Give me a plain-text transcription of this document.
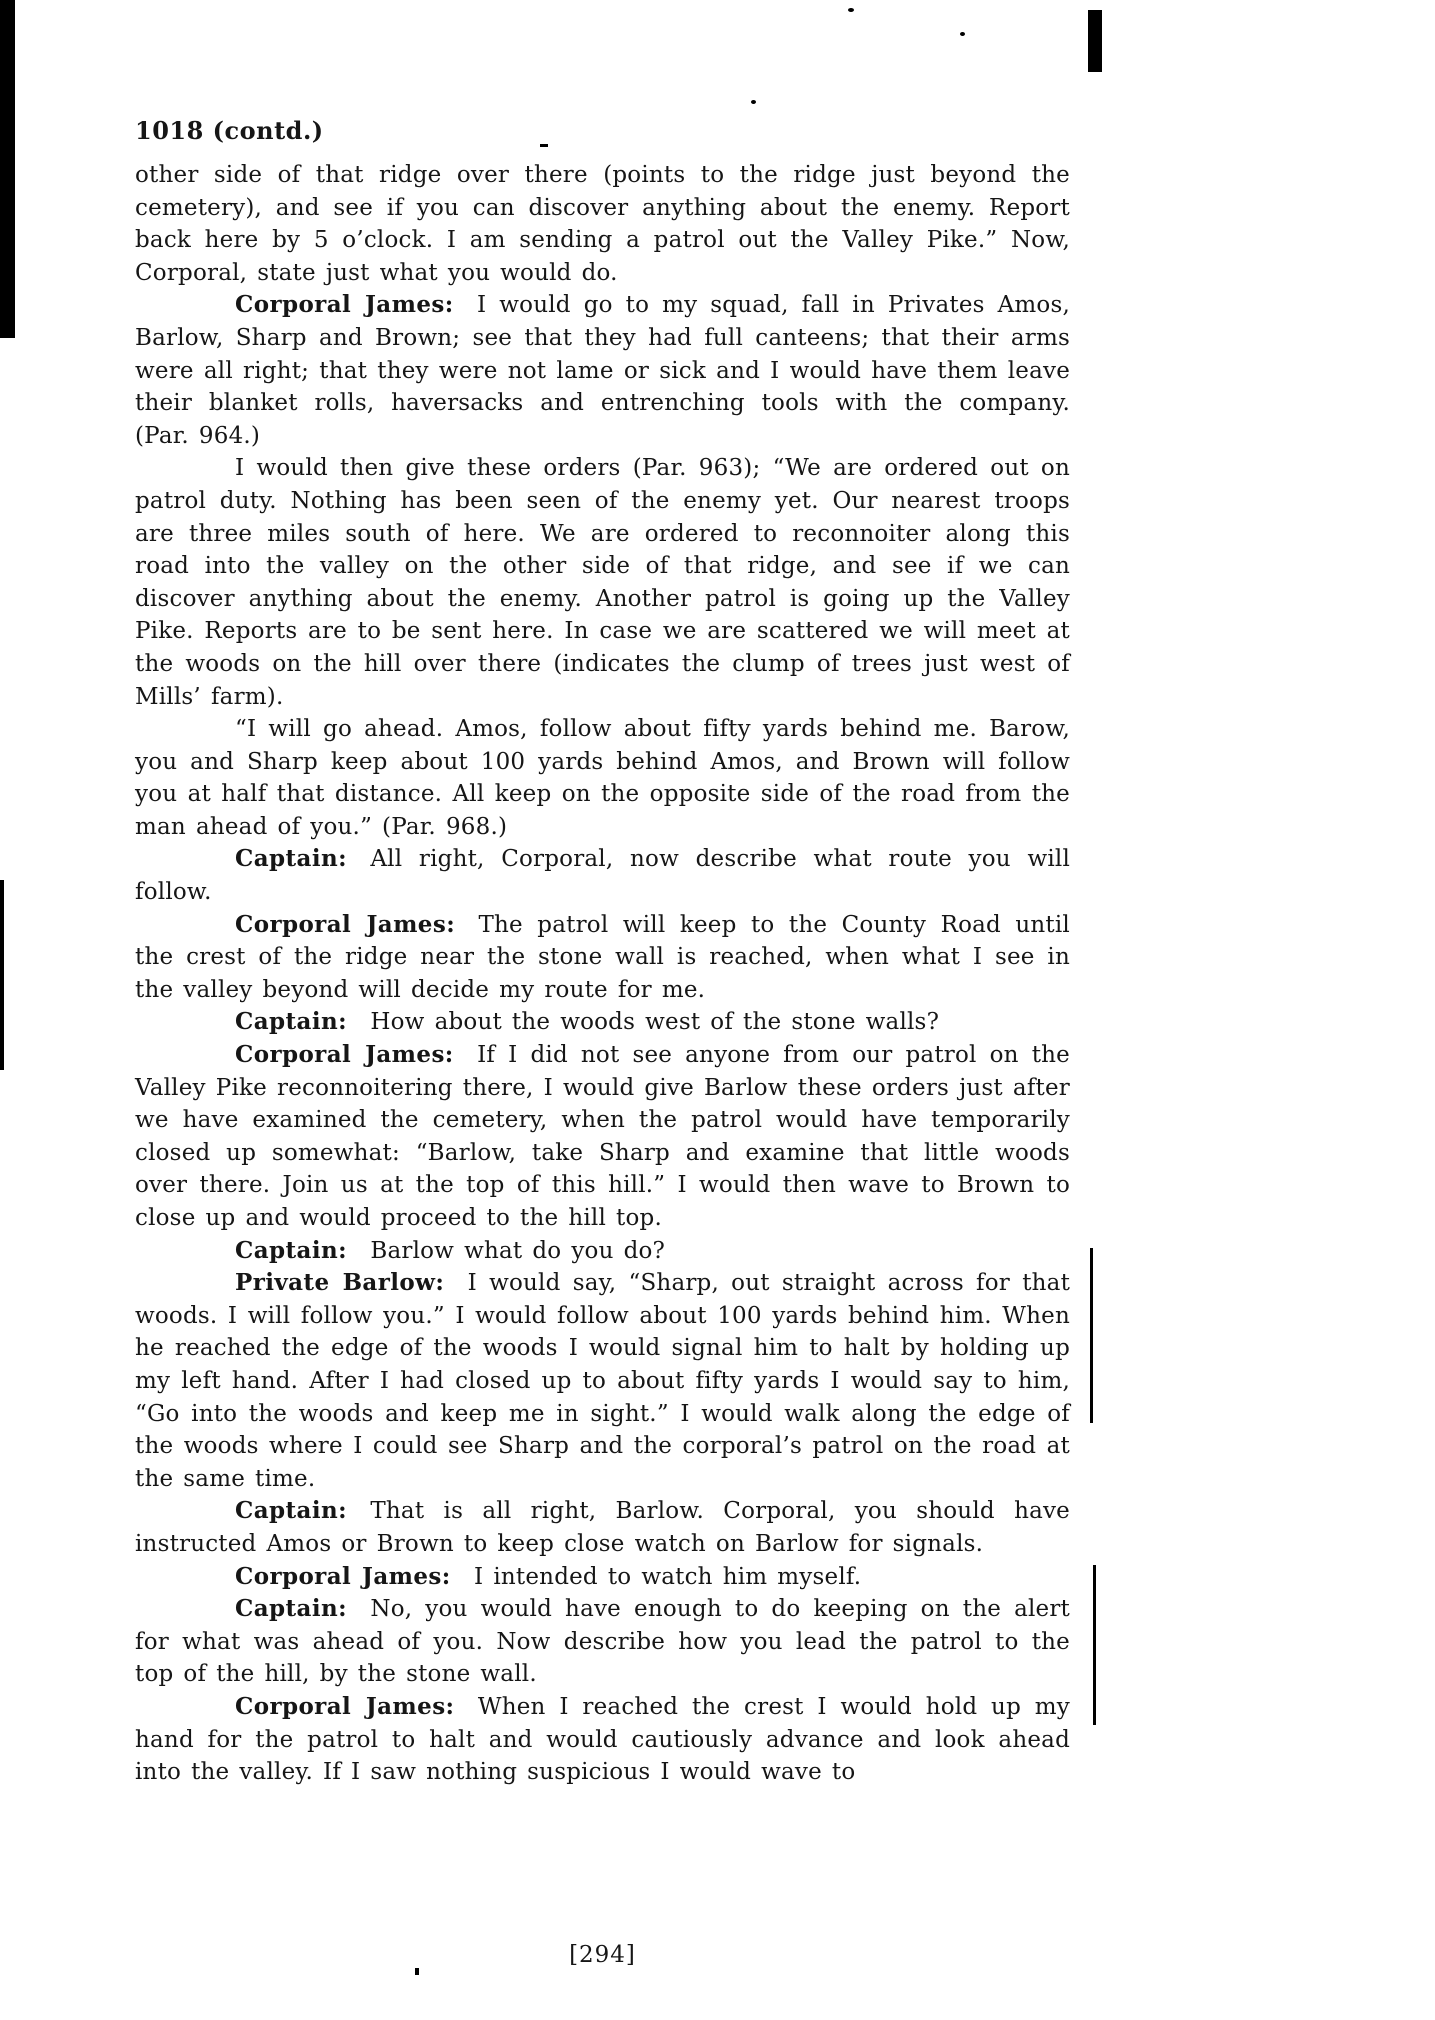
1018 (contd.)

other side of that ridge over there (points to the ridge just beyond the cemetery), and see if you can discover anything about the enemy. Report back here by 5 o’clock. I am sending a patrol out the Valley Pike.” Now, Corporal, state just what you would do.

Corporal James:  I would go to my squad, fall in Privates Amos, Barlow, Sharp and Brown; see that they had full canteens; that their arms were all right; that they were not lame or sick and I would have them leave their blanket rolls, haversacks and entrenching tools with the company. (Par. 964.)

I would then give these orders (Par. 963); “We are ordered out on patrol duty. Nothing has been seen of the enemy yet. Our nearest troops are three miles south of here. We are ordered to reconnoiter along this road into the valley on the other side of that ridge, and see if we can discover anything about the enemy. Another patrol is going up the Valley Pike. Reports are to be sent here. In case we are scattered we will meet at the woods on the hill over there (indicates the clump of trees just west of Mills’ farm).

“I will go ahead. Amos, follow about fifty yards behind me. Barow, you and Sharp keep about 100 yards behind Amos, and Brown will follow you at half that distance. All keep on the opposite side of the road from the man ahead of you.” (Par. 968.)

Captain:  All right, Corporal, now describe what route you will follow.

Corporal James:  The patrol will keep to the County Road until the crest of the ridge near the stone wall is reached, when what I see in the valley beyond will decide my route for me.

Captain:  How about the woods west of the stone walls?

Corporal James:  If I did not see anyone from our patrol on the Valley Pike reconnoitering there, I would give Barlow these orders just after we have examined the cemetery, when the patrol would have temporarily closed up somewhat: “Barlow, take Sharp and examine that little woods over there. Join us at the top of this hill.” I would then wave to Brown to close up and would proceed to the hill top.

Captain:  Barlow what do you do?

Private Barlow:  I would say, “Sharp, out straight across for that woods. I will follow you.” I would follow about 100 yards behind him. When he reached the edge of the woods I would signal him to halt by holding up my left hand. After I had closed up to about fifty yards I would say to him, “Go into the woods and keep me in sight.” I would walk along the edge of the woods where I could see Sharp and the corporal’s patrol on the road at the same time.

Captain:  That is all right, Barlow. Corporal, you should have instructed Amos or Brown to keep close watch on Barlow for signals.

Corporal James:  I intended to watch him myself.

Captain:  No, you would have enough to do keeping on the alert for what was ahead of you. Now describe how you lead the patrol to the top of the hill, by the stone wall.

Corporal James:  When I reached the crest I would hold up my hand for the patrol to halt and would cautiously advance and look ahead into the valley. If I saw nothing suspicious I would wave to

[294]
